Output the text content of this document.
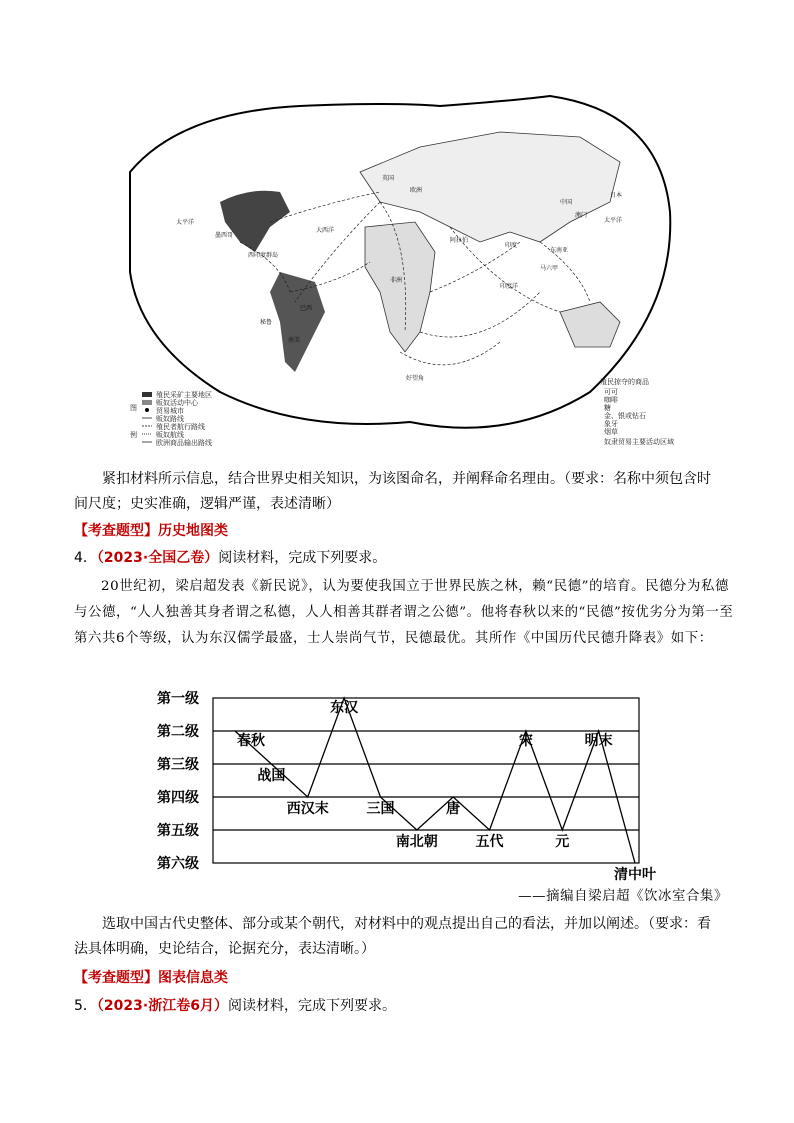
太平洋
大西洋
印度洋
太平洋
中国
印度
非洲
好望角
墨西哥
秘鲁
巴西
英国
欧洲
南美
西印度群岛
阿拉伯
东南亚
马六甲
澳门
日本
图
例
殖民采矿主要地区
贩奴活动中心
贸易城市
贩奴路线
殖民者航行路线
贩奴航线
欧洲商品输出路线
殖民掠夺的商品
可可
咖啡
糖
金、银或钻石
象牙
烟草
奴隶贸易主要活动区域
紧扣材料所示信息，结合世界史相关知识，为该图命名，并阐释命名理由。（要求：名称中须包含时间尺度；史实准确，逻辑严谨，表述清晰）
【考查题型】历史地图类
4．（2023·全国乙卷）阅读材料，完成下列要求。
20世纪初，梁启超发表《新民说》，认为要使我国立于世界民族之林，赖“民德”的培育。民德分为私德与公德，“人人独善其身者谓之私德，人人相善其群者谓之公德”。他将春秋以来的“民德”按优劣分为第一至第六共6个等级，认为东汉儒学最盛，士人崇尚气节，民德最优。其所作《中国历代民德升降表》如下：
第一级
第二级
第三级
第四级
第五级
第六级
春秋
战国
西汉末
东汉
三国
南北朝
唐
五代
宋
元
明末
清中叶
——摘编自梁启超《饮冰室合集》
选取中国古代史整体、部分或某个朝代，对材料中的观点提出自己的看法，并加以阐述。（要求：看法具体明确，史论结合，论据充分，表达清晰。）
【考查题型】图表信息类
5．（2023·浙江卷6月）阅读材料，完成下列要求。
